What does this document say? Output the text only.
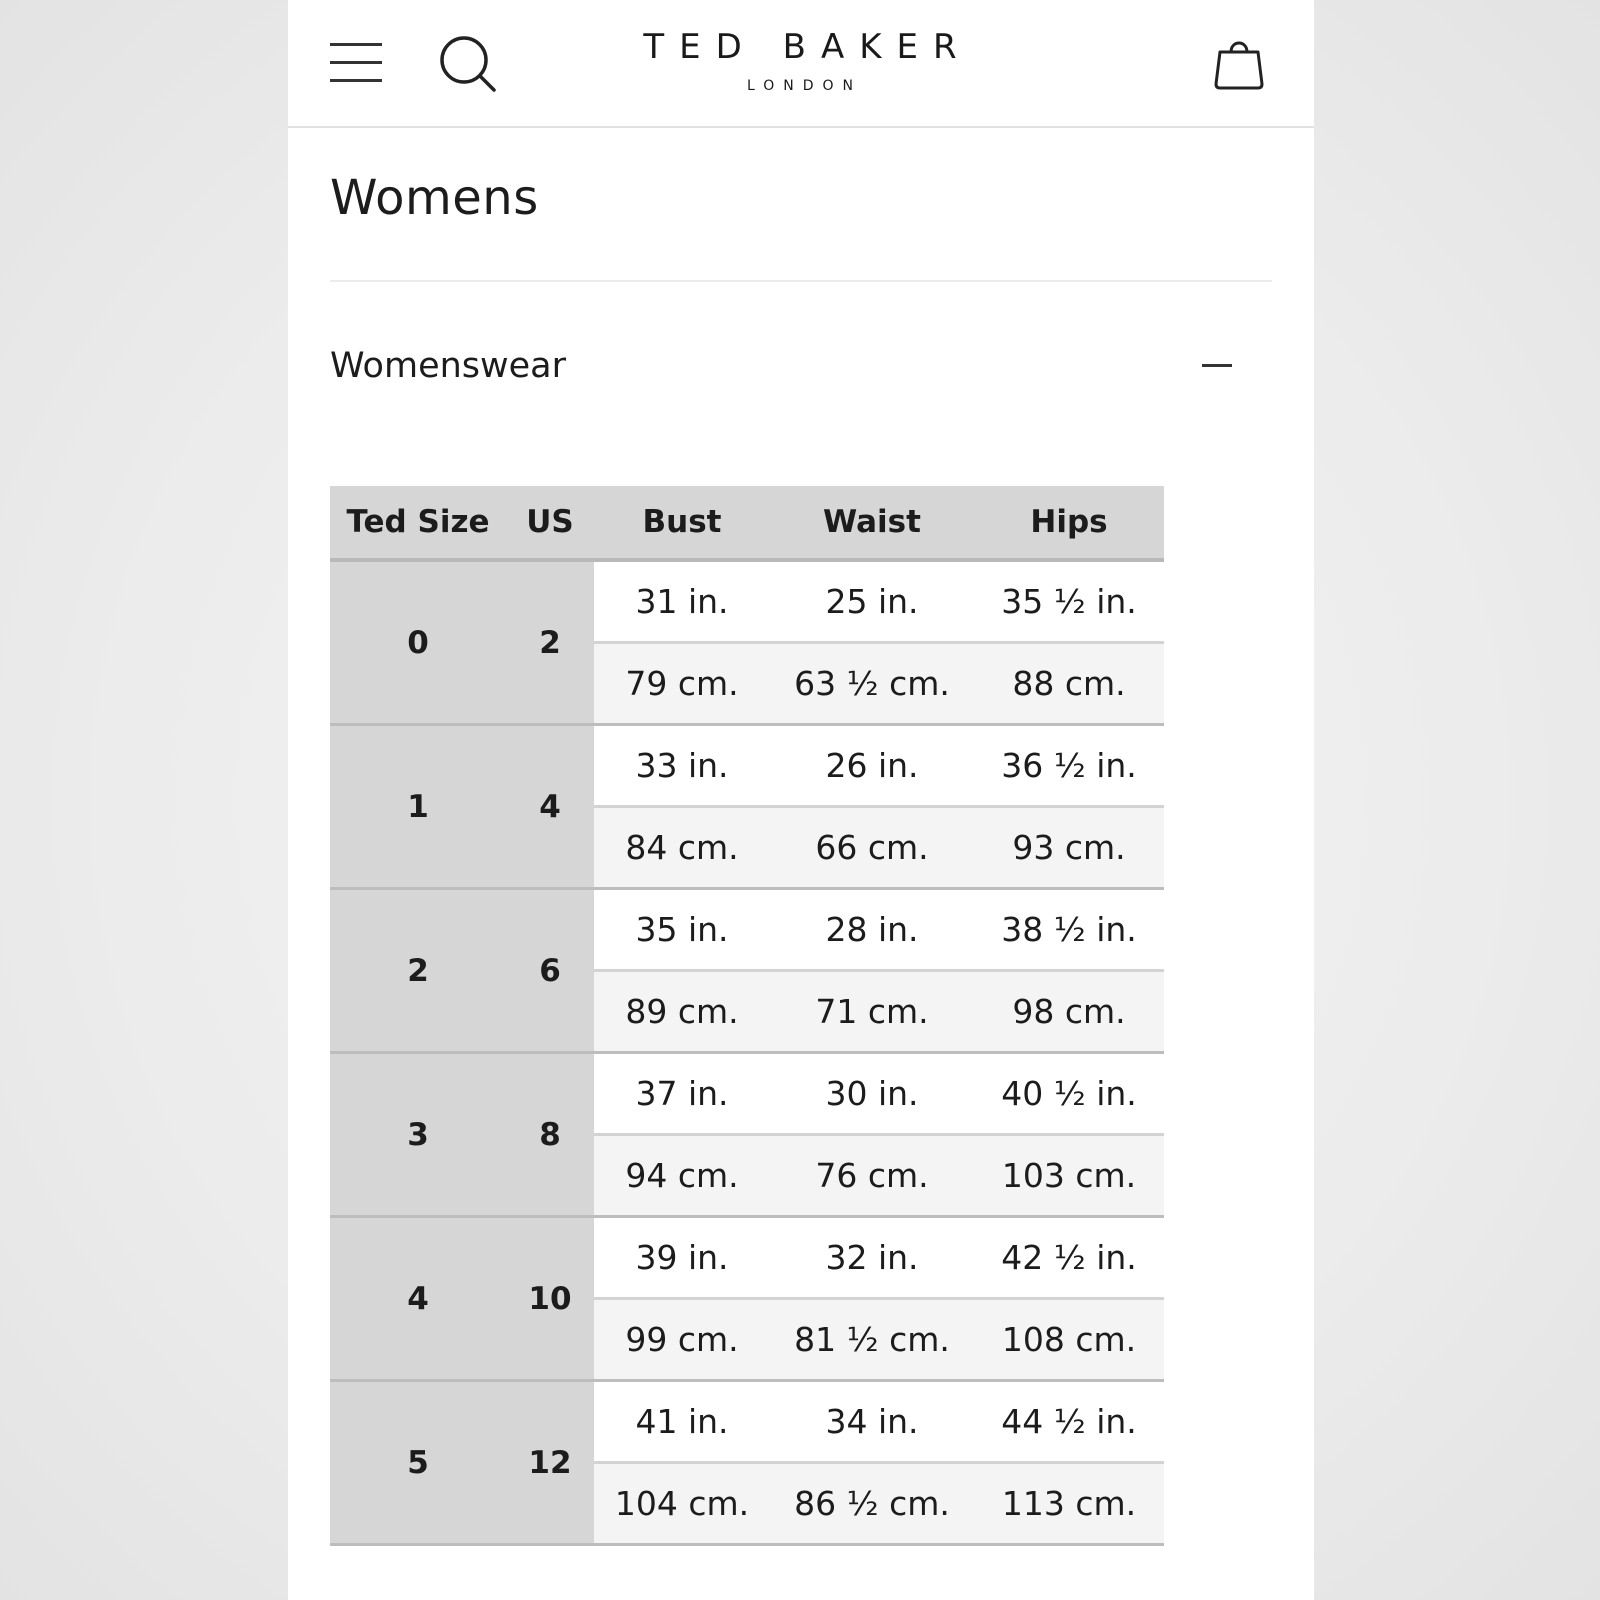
TED BAKER
LONDON
Womens
Womenswear
Ted Size	US	Bust	Waist	Hips
0	2	31 in.	25 in.	35 ½ in.
		79 cm.	63 ½ cm.	88 cm.
1	4	33 in.	26 in.	36 ½ in.
		84 cm.	66 cm.	93 cm.
2	6	35 in.	28 in.	38 ½ in.
		89 cm.	71 cm.	98 cm.
3	8	37 in.	30 in.	40 ½ in.
		94 cm.	76 cm.	103 cm.
4	10	39 in.	32 in.	42 ½ in.
		99 cm.	81 ½ cm.	108 cm.
5	12	41 in.	34 in.	44 ½ in.
		104 cm.	86 ½ cm.	113 cm.
